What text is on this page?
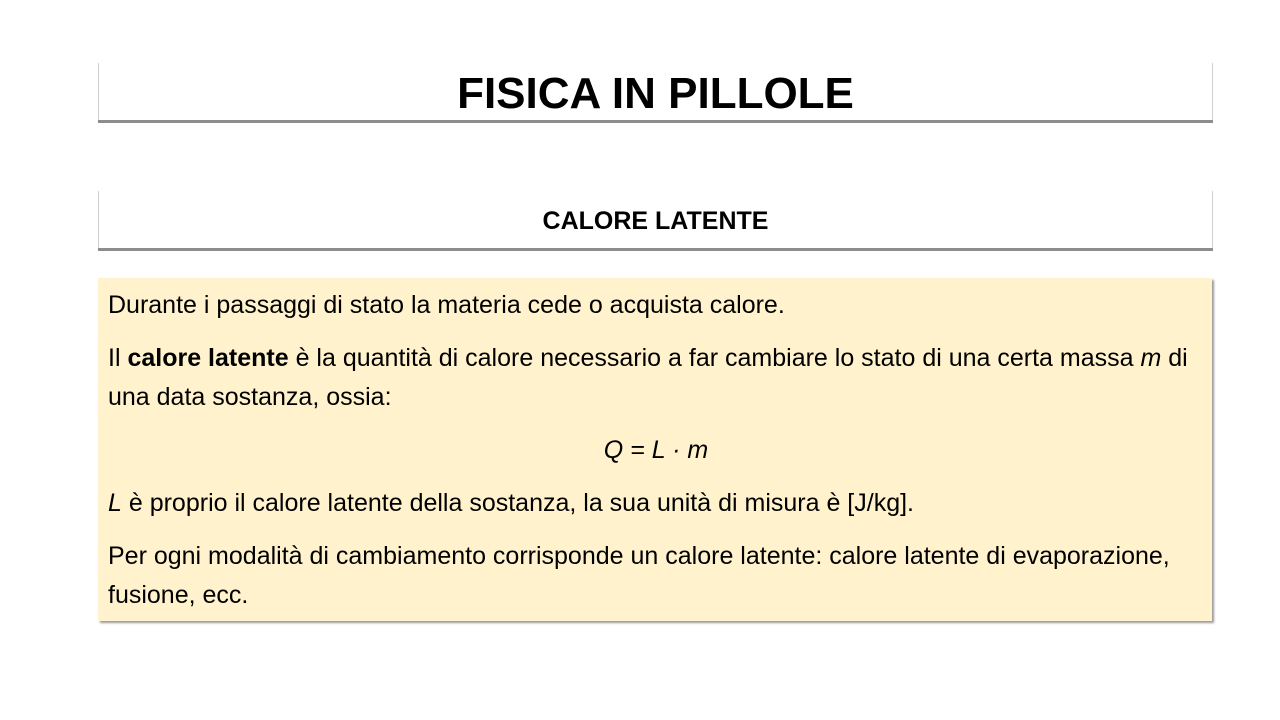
FISICA IN PILLOLE
CALORE LATENTE

Durante i passaggi di stato la materia cede o acquista calore.

Il calore latente è la quantità di calore necessario a far cambiare lo stato di una certa massa m di una data sostanza, ossia:

Q = L · m

L è proprio il calore latente della sostanza, la sua unità di misura è [J/kg].

Per ogni modalità di cambiamento corrisponde un calore latente: calore latente di evaporazione, fusione, ecc.
